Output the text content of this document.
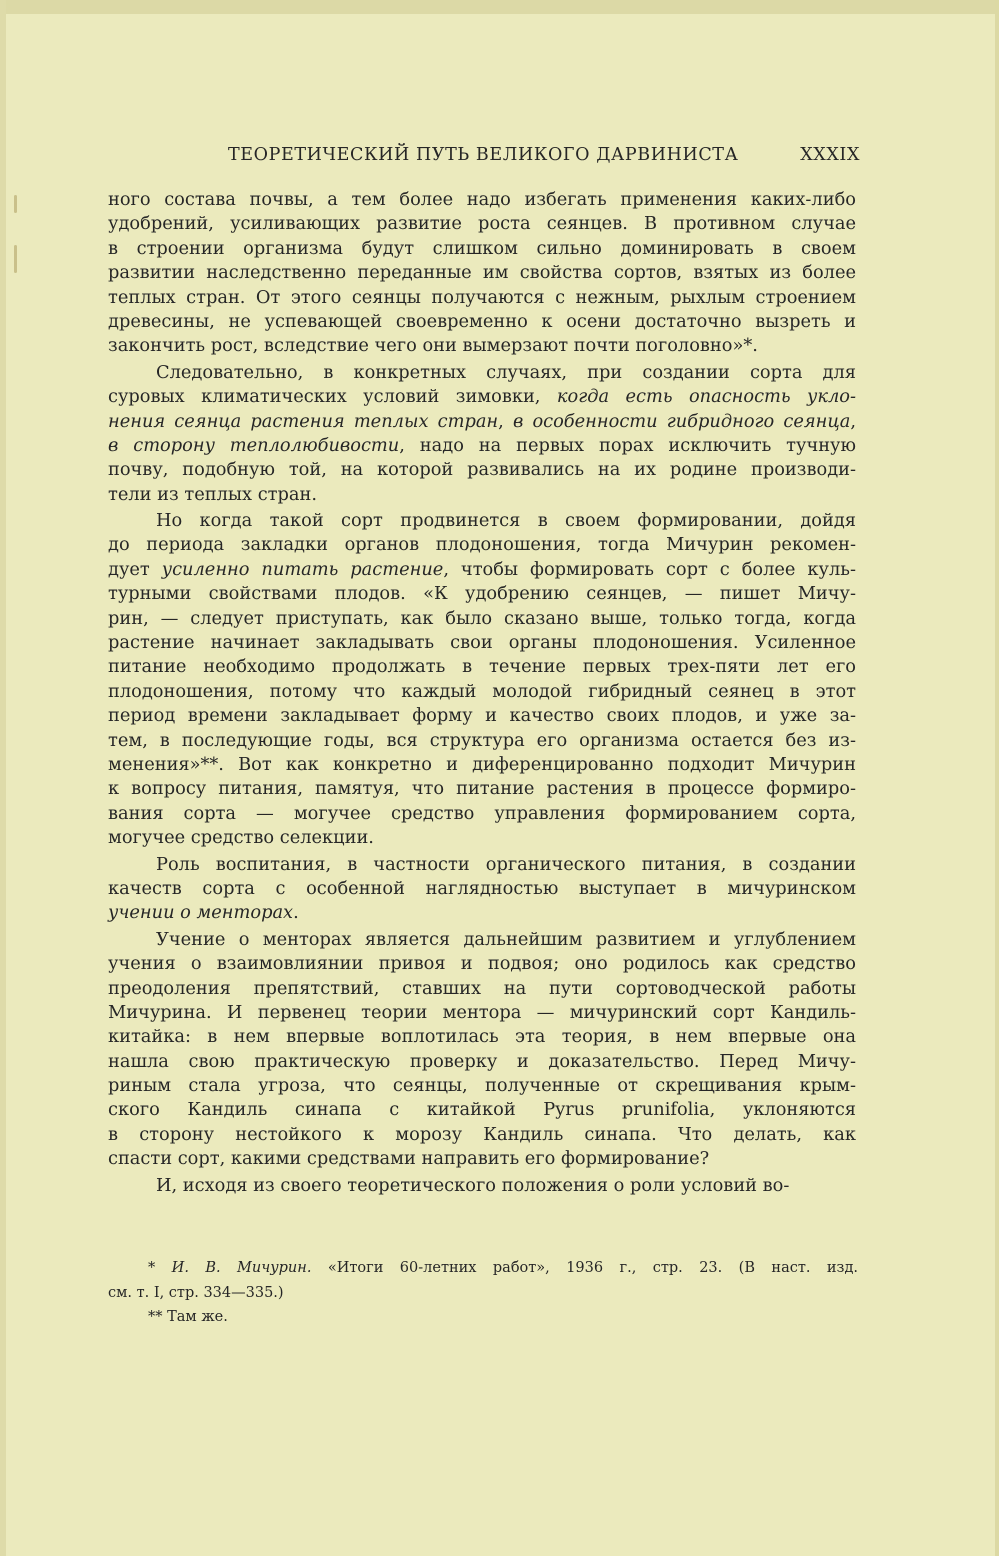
ТЕОРЕТИЧЕСКИЙ ПУТЬ ВЕЛИКОГО ДАРВИНИСТА	XXXIX
ного состава почвы, а тем более надо избегать применения каких-либо
удобрений, усиливающих развитие роста сеянцев. В противном случае
в строении организма будут слишком сильно доминировать в своем
развитии наследственно переданные им свойства сортов, взятых из более
теплых стран. От этого сеянцы получаются с нежным, рыхлым строением
древесины, не успевающей своевременно к осени достаточно вызреть и
закончить рост, вследствие чего они вымерзают почти поголовно»*.
Следовательно, в конкретных случаях, при создании сорта для
суровых климатических условий зимовки, когда есть опасность укло-
нения сеянца растения теплых стран, в особенности гибридного сеянца,
в сторону теплолюбивости, надо на первых порах исключить тучную
почву, подобную той, на которой развивались на их родине производи-
тели из теплых стран.
Но когда такой сорт продвинется в своем формировании, дойдя
до периода закладки органов плодоношения, тогда Мичурин рекомен-
дует усиленно питать растение, чтобы формировать сорт с более куль-
турными свойствами плодов. «К удобрению сеянцев, — пишет Мичу-
рин, — следует приступать, как было сказано выше, только тогда, когда
растение начинает закладывать свои органы плодоношения. Усиленное
питание необходимо продолжать в течение первых трех-пяти лет его
плодоношения, потому что каждый молодой гибридный сеянец в этот
период времени закладывает форму и качество своих плодов, и уже за-
тем, в последующие годы, вся структура его организма остается без из-
менения»**. Вот как конкретно и диференцированно подходит Мичурин
к вопросу питания, памятуя, что питание растения в процессе формиро-
вания сорта — могучее средство управления формированием сорта,
могучее средство селекции.
Роль воспитания, в частности органического питания, в создании
качеств сорта с особенной наглядностью выступает в мичуринском
учении о менторах.
Учение о менторах является дальнейшим развитием и углублением
учения о взаимовлиянии привоя и подвоя; оно родилось как средство
преодоления препятствий, ставших на пути сортоводческой работы
Мичурина. И первенец теории ментора — мичуринский сорт Кандиль-
китайка: в нем впервые воплотилась эта теория, в нем впервые она
нашла свою практическую проверку и доказательство. Перед Мичу-
риным стала угроза, что сеянцы, полученные от скрещивания крым-
ского Кандиль синапа с китайкой Pyrus prunifolia, уклоняются
в сторону нестойкого к морозу Кандиль синапа. Что делать, как
спасти сорт, какими средствами направить его формирование?
И, исходя из своего теоретического положения о роли условий во-
* И. В. Мичурин. «Итоги 60-летних работ», 1936 г., стр. 23. (В наст. изд.
см. т. I, стр. 334—335.)
** Там же.
